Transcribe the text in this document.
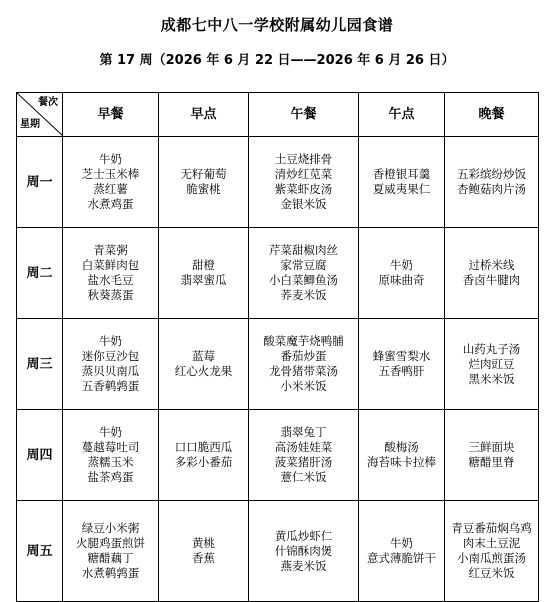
成都七中八一学校附属幼儿园食谱
第 17 周（2026 年 6 月 22 日——2026 年 6 月 26 日）
餐次
星期	早餐	早点	午餐	午点	晚餐
周一	牛奶
芝士玉米棒
蒸红薯
水煮鸡蛋	无籽葡萄
脆蜜桃	土豆烧排骨
清炒红苋菜
紫菜虾皮汤
金银米饭	香橙银耳羹
夏威夷果仁	五彩缤纷炒饭
杏鲍菇肉片汤

周二	青菜粥
白菜鲜肉包
盐水毛豆
秋葵蒸蛋	甜橙
翡翠蜜瓜	芹菜甜椒肉丝
家常豆腐
小白菜鲫鱼汤
荞麦米饭	牛奶
原味曲奇	过桥米线
香卤牛腱肉

周三	牛奶
迷你豆沙包
蒸贝贝南瓜
五香鹌鹑蛋	蓝莓
红心火龙果	酸菜魔芋烧鸭脯
番茄炒蛋
龙骨猪带菜汤
小米米饭	蜂蜜雪梨水
五香鸭肝	山药丸子汤
烂肉豇豆
黑米米饭

周四	牛奶
蔓越莓吐司
蒸糯玉米
盐茶鸡蛋	口口脆西瓜
多彩小番茄	翡翠兔丁
高汤娃娃菜
菠菜猪肝汤
薏仁米饭	酸梅汤
海苔味卡拉棒	三鲜面块
糖醋里脊

周五	绿豆小米粥
火腿鸡蛋煎饼
糖醋藕丁
水煮鹌鹑蛋	黄桃
香蕉	黄瓜炒虾仁
什锦酥肉煲
燕麦米饭	牛奶
意式薄脆饼干	青豆番茄焖乌鸡
肉末土豆泥
小南瓜煎蛋汤
红豆米饭
